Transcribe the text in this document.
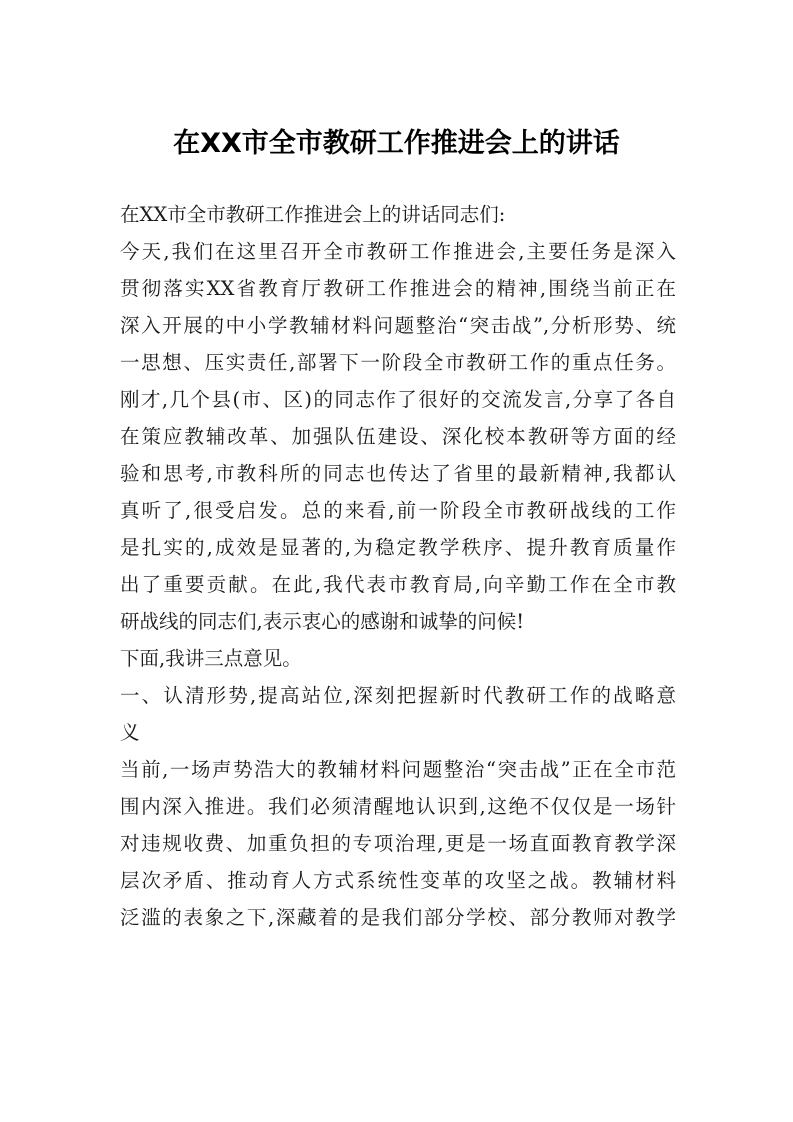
在XX市全市教研工作推进会上的讲话
在XX市全市教研工作推进会上的讲话同志们:
今天,我们在这里召开全市教研工作推进会,主要任务是深入
贯彻落实XX省教育厅教研工作推进会的精神,围绕当前正在
深入开展的中小学教辅材料问题整治“突击战”,分析形势、统
一思想、压实责任,部署下一阶段全市教研工作的重点任务。
刚才,几个县(市、区)的同志作了很好的交流发言,分享了各自
在策应教辅改革、加强队伍建设、深化校本教研等方面的经
验和思考,市教科所的同志也传达了省里的最新精神,我都认
真听了,很受启发。总的来看,前一阶段全市教研战线的工作
是扎实的,成效是显著的,为稳定教学秩序、提升教育质量作
出了重要贡献。在此,我代表市教育局,向辛勤工作在全市教
研战线的同志们,表示衷心的感谢和诚挚的问候!
下面,我讲三点意见。
一、认清形势,提高站位,深刻把握新时代教研工作的战略意
义
当前,一场声势浩大的教辅材料问题整治“突击战”正在全市范
围内深入推进。我们必须清醒地认识到,这绝不仅仅是一场针
对违规收费、加重负担的专项治理,更是一场直面教育教学深
层次矛盾、推动育人方式系统性变革的攻坚之战。教辅材料
泛滥的表象之下,深藏着的是我们部分学校、部分教师对教学
